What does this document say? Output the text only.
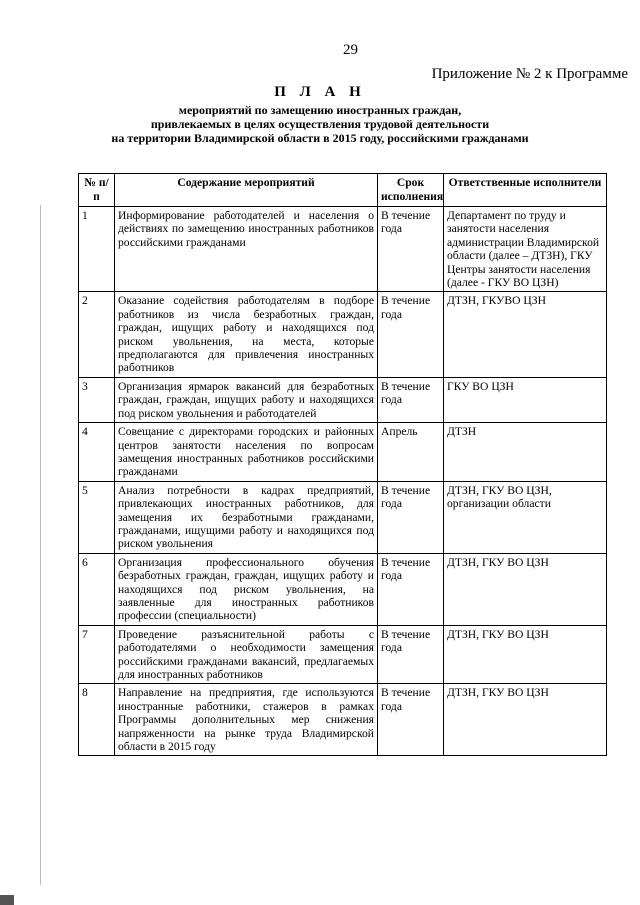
29
Приложение № 2 к Программе
П Л А Н
мероприятий по замещению иностранных граждан,
привлекаемых в целях осуществления трудовой деятельности
на территории Владимирской области в 2015 году, российскими гражданами
№ п/п	Содержание мероприятий	Срок исполнения	Ответственные исполнители
1	Информирование работодателей и населения о действиях по замещению иностранных работников российскими гражданами	В течение года	Департамент по труду и занятости населения администрации Владимирской области (далее – ДТЗН), ГКУ Центры занятости населения (далее - ГКУ ВО ЦЗН)
2	Оказание содействия работодателям в подборе работников из числа безработных граждан, граждан, ищущих работу и находящихся под риском увольнения, на места, которые предполагаются для привлечения иностранных работников	В течение года	ДТЗН, ГКУВО ЦЗН
3	Организация ярмарок вакансий для безработных граждан, граждан, ищущих работу и находящихся под риском увольнения и работодателей	В течение года	ГКУ ВО ЦЗН
4	Совещание с директорами городских и районных центров занятости населения по вопросам замещения иностранных работников российскими гражданами	Апрель	ДТЗН
5	Анализ потребности в кадрах предприятий, привлекающих иностранных работников, для замещения их безработными гражданами, гражданами, ищущими работу и находящихся под риском увольнения	В течение года	ДТЗН, ГКУ ВО ЦЗН, организации области
6	Организация профессионального обучения безработных граждан, граждан, ищущих работу и находящихся под риском увольнения, на заявленные для иностранных работников профессии (специальности)	В течение года	ДТЗН, ГКУ ВО ЦЗН
7	Проведение разъяснительной работы с работодателями о необходимости замещения российскими гражданами вакансий, предлагаемых для иностранных работников	В течение года	ДТЗН, ГКУ ВО ЦЗН
8	Направление на предприятия, где используются иностранные работники, стажеров в рамках Программы дополнительных мер снижения напряженности на рынке труда Владимирской области в 2015 году	В течение года	ДТЗН, ГКУ ВО ЦЗН
